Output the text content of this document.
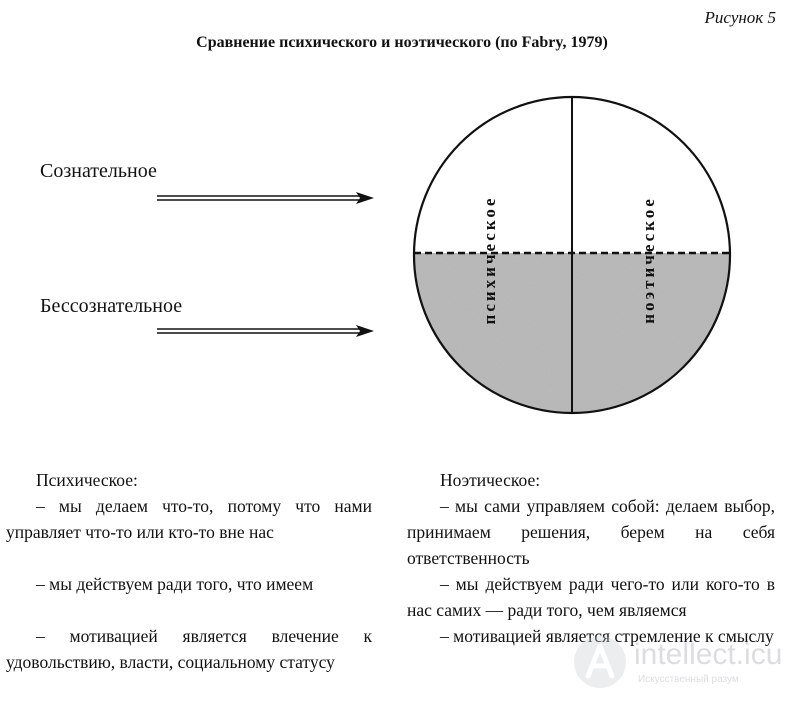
Рисунок 5
Сравнение психического и ноэтического (по Fabry, 1979)
Сознательное
Бессознательное	психическое	ноэтическое

Психическое:

– мы делаем что-то, потому что нами управляет что-то или кто-то вне нас

– мы действуем ради того, что имеем

– мотивацией является влечение к удовольствию, власти, социальному статусу

Ноэтическое:

– мы сами управляем собой: делаем выбор, принимаем решения, берем на себя ответственность

– мы действуем ради чего-то или кого-то в нас самих — ради того, чем являемся

– мотивацией является стремление к смыслу

intellect.icu
Искусственный разум
